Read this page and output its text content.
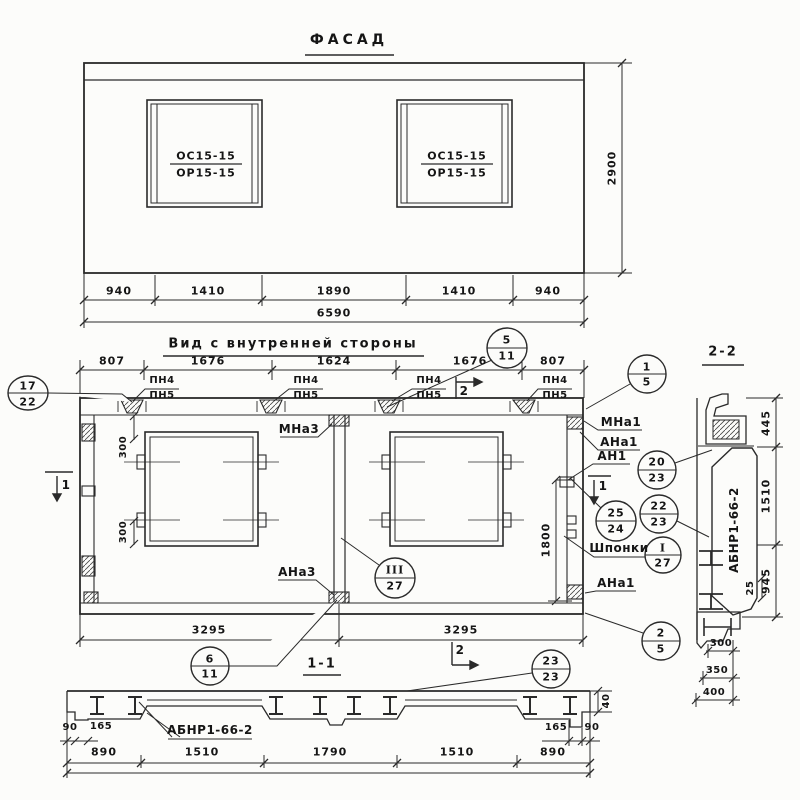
ФАСАД
ОС15-15
ОР15-15
ОС15-15
ОР15-15
940	1410	1890	1410	940
6590
2900
Вид с внутренней стороны
807	1676	1624	1676	807
ПН4
ПН5
ПН4
ПН5
ПН4
ПН5
ПН4
ПН5
2
2
1	1
МНа3
АНа3
МНа1
АНа1
АН1
Шпонки
АНа1
300
300	1800
3295	3295
17
22
5
11
1
5
20
23
25
24
22
23
I
27
2
5
6
11
23
23
III
27
2-2
АБНР1-66-2
445
1510
945
25
300
350
400
1-1
АБНР1-66-2
90 165	165 90
40
890	1510	1790	1510	890
